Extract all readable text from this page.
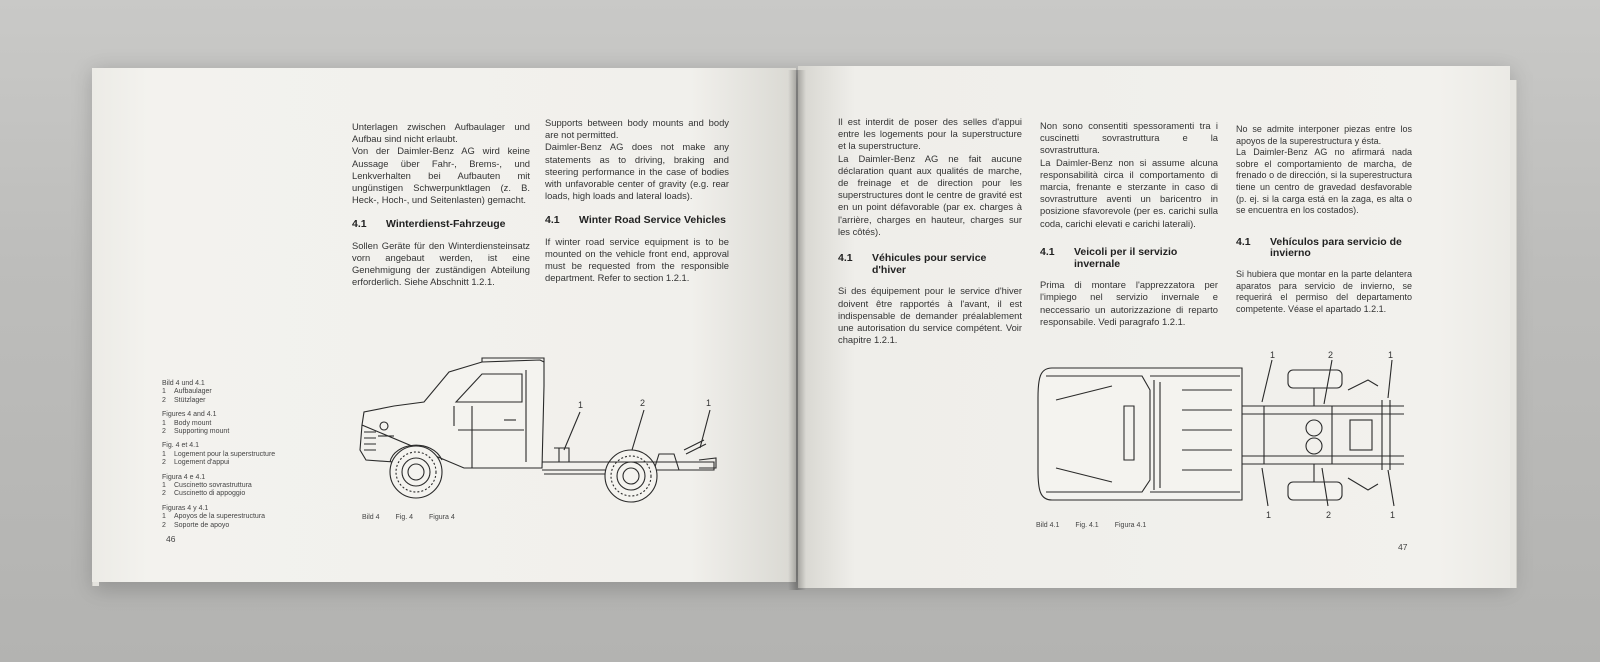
Unterlagen zwischen Aufbaulager und Aufbau sind nicht erlaubt.

Von der Daimler-Benz AG wird keine Aussage über Fahr-, Brems-, und Lenkverhalten bei Aufbauten mit ungünstigen Schwerpunktlagen (z. B. Heck-, Hoch-, und Seitenlasten) gemacht.

4.1	Winterdienst-Fahrzeuge

Sollen Geräte für den Winterdiensteinsatz vorn angebaut werden, ist eine Genehmigung der zuständigen Abteilung erforderlich. Siehe Abschnitt 1.2.1.

Supports between body mounts and body are not permitted.

Daimler-Benz AG does not make any statements as to driving, braking and steering performance in the case of bodies with unfavorable center of gravity (e.g. rear loads, high loads and lateral loads).

4.1	Winter Road Service Vehicles

If winter road service equipment is to be mounted on the vehicle front end, approval must be requested from the responsible department. Refer to section 1.2.1.

Bild 4 und 4.1
1 Aufbaulager
2 Stützlager
Figures 4 and 4.1
1 Body mount
2 Supporting mount
Fig. 4 et 4.1
1 Logement pour la superstructure
2 Logement d'appui
Figura 4 e 4.1
1 Cuscinetto sovrastruttura
2 Cuscinetto di appoggio
Figuras 4 y 4.1
1 Apoyos de la superestructura
2 Soporte de apoyo
1	2	1
Bild 4 Fig. 4 Figura 4
46

Il est interdit de poser des selles d'appui entre les logements pour la superstructure et la superstructure.

La Daimler-Benz AG ne fait aucune déclaration quant aux qualités de marche, de freinage et de direction pour les superstructures dont le centre de gravité est en un point défavorable (par ex. charges à l'arrière, charges en hauteur, charges sur les côtés).

4.1	Véhicules pour service d'hiver

Si des équipement pour le service d'hiver doivent être rapportés à l'avant, il est indispensable de demander préalablement une autorisation du service compétent. Voir chapitre 1.2.1.

Non sono consentiti spessoramenti tra i cuscinetti sovrastruttura e la sovrastruttura.

La Daimler-Benz non si assume alcuna responsabilità circa il comportamento di marcia, frenante e sterzante in caso di sovrastrutture aventi un baricentro in posizione sfavorevole (per es. carichi sulla coda, carichi elevati e carichi laterali).

4.1	Veicoli per il servizio invernale

Prima di montare l'apprezzatora per l'impiego nel servizio invernale e neccessario un autorizzazione di reparto responsabile. Vedi paragrafo 1.2.1.

No se admite interponer piezas entre los apoyos de la superestructura y ésta.

La Daimler-Benz AG no afirmará nada sobre el comportamiento de marcha, de frenado o de dirección, si la superestructura tiene un centro de gravedad desfavorable (p. ej. si la carga está en la zaga, es alta o se encuentra en los costados).

4.1	Vehículos para servicio de invierno

Si hubiera que montar en la parte delantera aparatos para servicio de invierno, se requerirá el permiso del departamento competente. Véase el apartado 1.2.1.

1	2	1
1	2	1
Bild 4.1 Fig. 4.1 Figura 4.1
47
